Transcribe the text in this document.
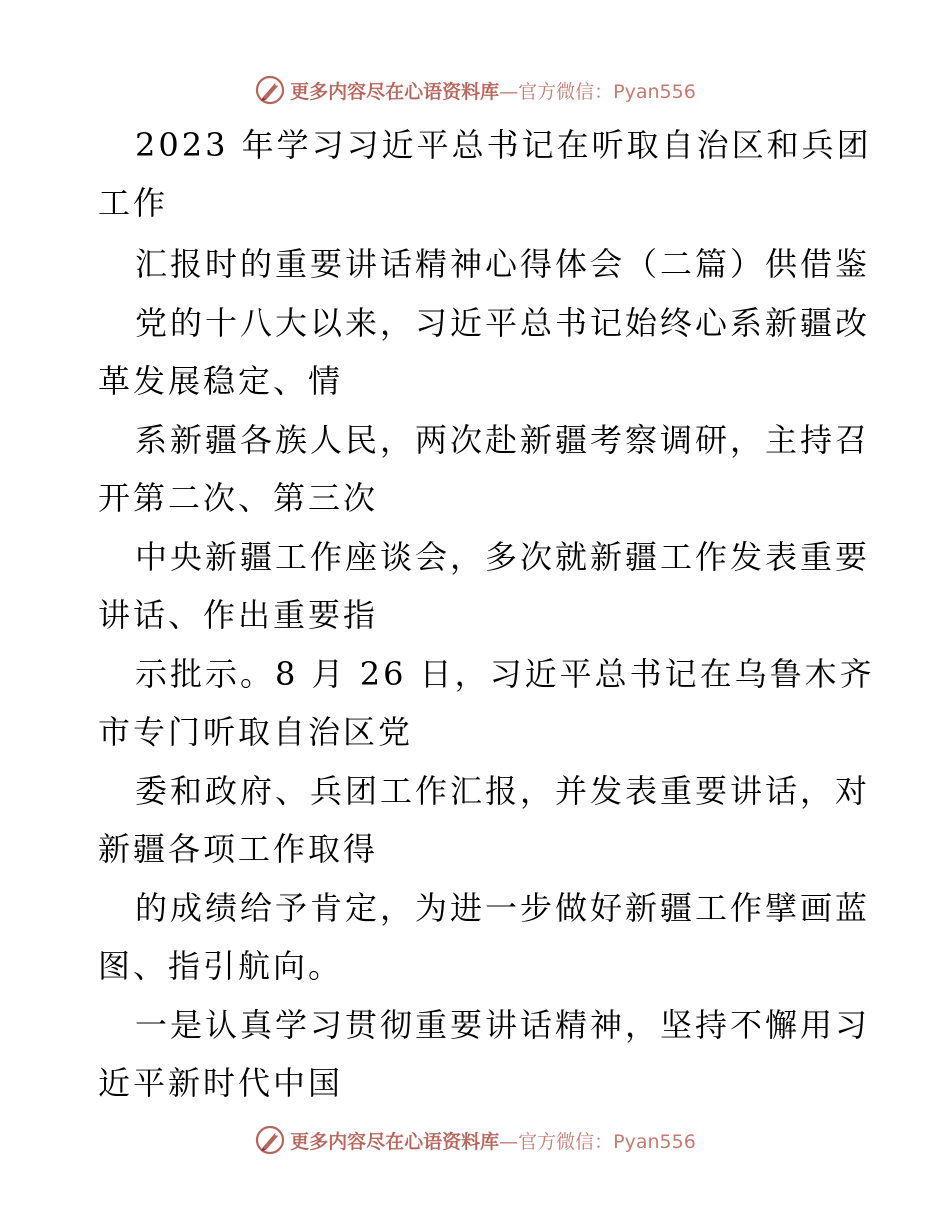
更多内容尽在心语资料库—官方微信：Pyan556
2023 年学习习近平总书记在听取自治区和兵团
工作
汇报时的重要讲话精神心得体会（二篇）供借鉴
党的十八大以来，习近平总书记始终心系新疆改
革发展稳定、情
系新疆各族人民，两次赴新疆考察调研，主持召
开第二次、第三次
中央新疆工作座谈会，多次就新疆工作发表重要
讲话、作出重要指
示批示。8 月 26 日，习近平总书记在乌鲁木齐
市专门听取自治区党
委和政府、兵团工作汇报，并发表重要讲话，对
新疆各项工作取得
的成绩给予肯定，为进一步做好新疆工作擘画蓝
图、指引航向。
一是认真学习贯彻重要讲话精神，坚持不懈用习
近平新时代中国
更多内容尽在心语资料库—官方微信：Pyan556
